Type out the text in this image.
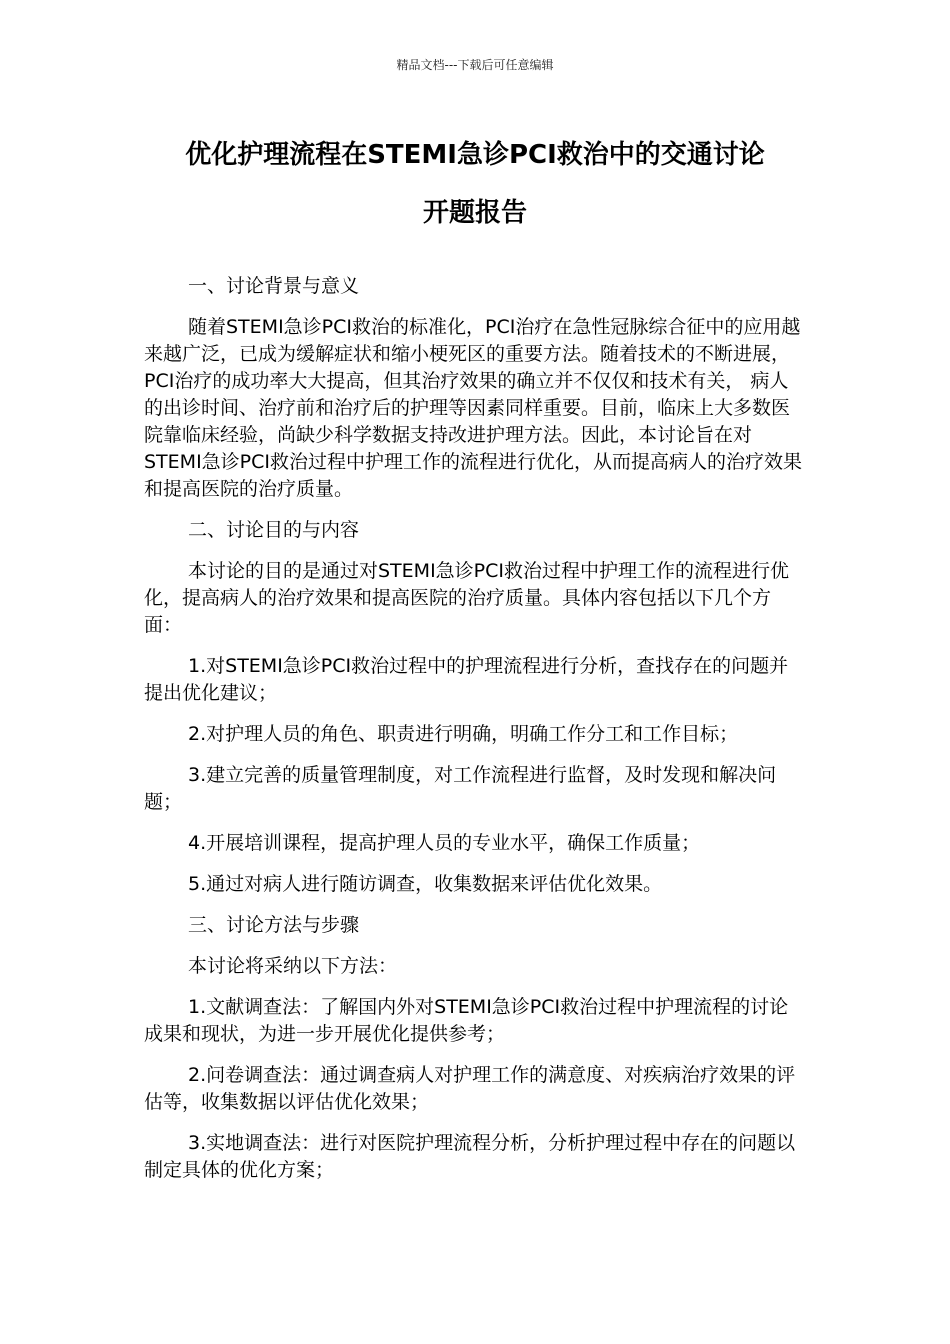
精品文档---下载后可任意编辑
优化护理流程在STEMI急诊PCI救治中的交通讨论
开题报告

一、讨论背景与意义

随着STEMI急诊PCI救治的标准化，PCI治疗在急性冠脉综合征中的应用越来越广泛，已成为缓解症状和缩小梗死区的重要方法。随着技术的不断进展，PCI治疗的成功率大大提高，但其治疗效果的确立并不仅仅和技术有关， 病人的出诊时间、治疗前和治疗后的护理等因素同样重要。目前，临床上大多数医院靠临床经验，尚缺少科学数据支持改进护理方法。因此，本讨论旨在对STEMI急诊PCI救治过程中护理工作的流程进行优化，从而提高病人的治疗效果和提高医院的治疗质量。

二、讨论目的与内容

本讨论的目的是通过对STEMI急诊PCI救治过程中护理工作的流程进行优化，提高病人的治疗效果和提高医院的治疗质量。具体内容包括以下几个方面：

1.对STEMI急诊PCI救治过程中的护理流程进行分析，查找存在的问题并提出优化建议；

2.对护理人员的角色、职责进行明确，明确工作分工和工作目标；

3.建立完善的质量管理制度，对工作流程进行监督，及时发现和解决问题；

4.开展培训课程，提高护理人员的专业水平，确保工作质量；

5.通过对病人进行随访调查，收集数据来评估优化效果。

三、讨论方法与步骤

本讨论将采纳以下方法：

1.文献调查法：了解国内外对STEMI急诊PCI救治过程中护理流程的讨论成果和现状，为进一步开展优化提供参考；

2.问卷调查法：通过调查病人对护理工作的满意度、对疾病治疗效果的评估等，收集数据以评估优化效果；

3.实地调查法：进行对医院护理流程分析，分析护理过程中存在的问题以制定具体的优化方案；
